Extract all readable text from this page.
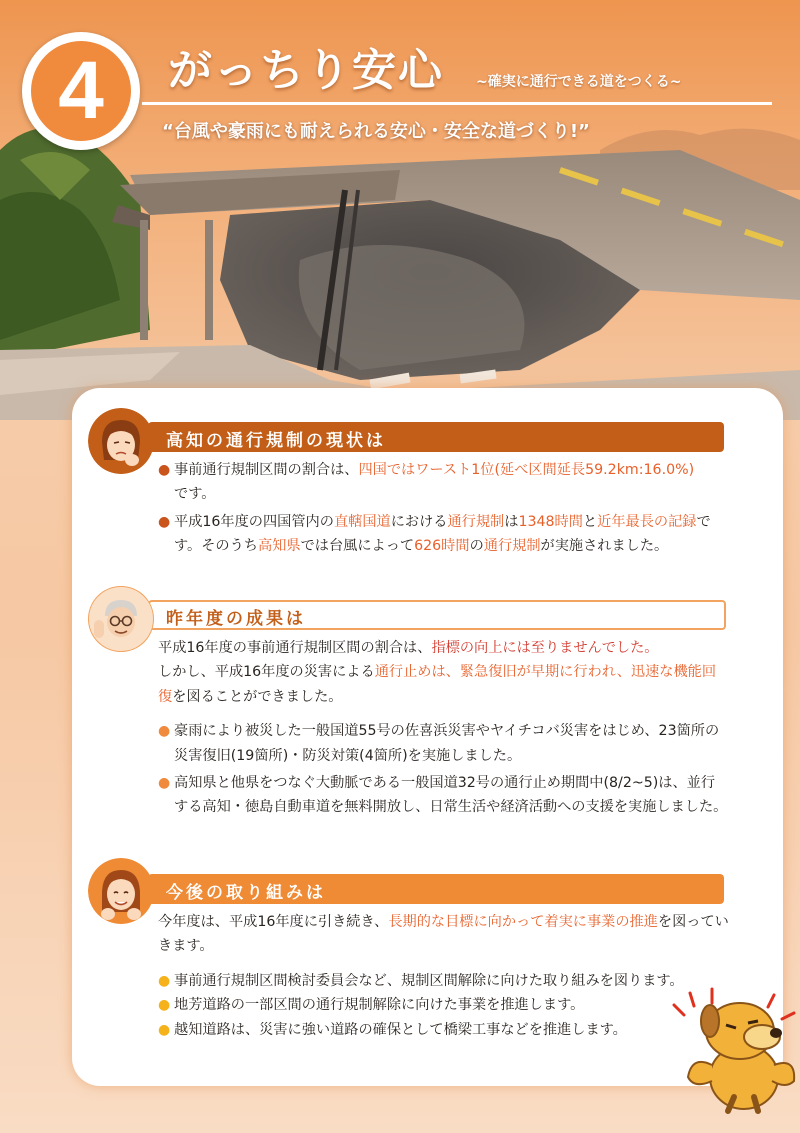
4	がっちり安心 ~確実に通行できる道をつくる~
“台風や豪雨にも耐えられる安心・安全な道づくり!”
高知の通行規制の現状は

● 事前通行規制区間の割合は、四国ではワースト1位(延べ区間延長59.2km:16.0%)
です。

● 平成16年度の四国管内の直轄国道における通行規制は1348時間と近年最長の記録です。そのうち高知県では台風によって626時間の通行規制が実施されました。

昨年度の成果は

平成16年度の事前通行規制区間の割合は、指標の向上には至りませんでした。

しかし、平成16年度の災害による通行止めは、緊急復旧が早期に行われ、迅速な機能回復を図ることができました。

● 豪雨により被災した一般国道55号の佐喜浜災害やヤイチコバ災害をはじめ、23箇所の災害復旧(19箇所)・防災対策(4箇所)を実施しました。

● 高知県と他県をつなぐ大動脈である一般国道32号の通行止め期間中(8/2~5)は、並行する高知・徳島自動車道を無料開放し、日常生活や経済活動への支援を実施しました。

今後の取り組みは

今年度は、平成16年度に引き続き、長期的な目標に向かって着実に事業の推進を図っていきます。

● 事前通行規制区間検討委員会など、規制区間解除に向けた取り組みを図ります。

● 地芳道路の一部区間の通行規制解除に向けた事業を推進します。

● 越知道路は、災害に強い道路の確保として橋梁工事などを推進します。
